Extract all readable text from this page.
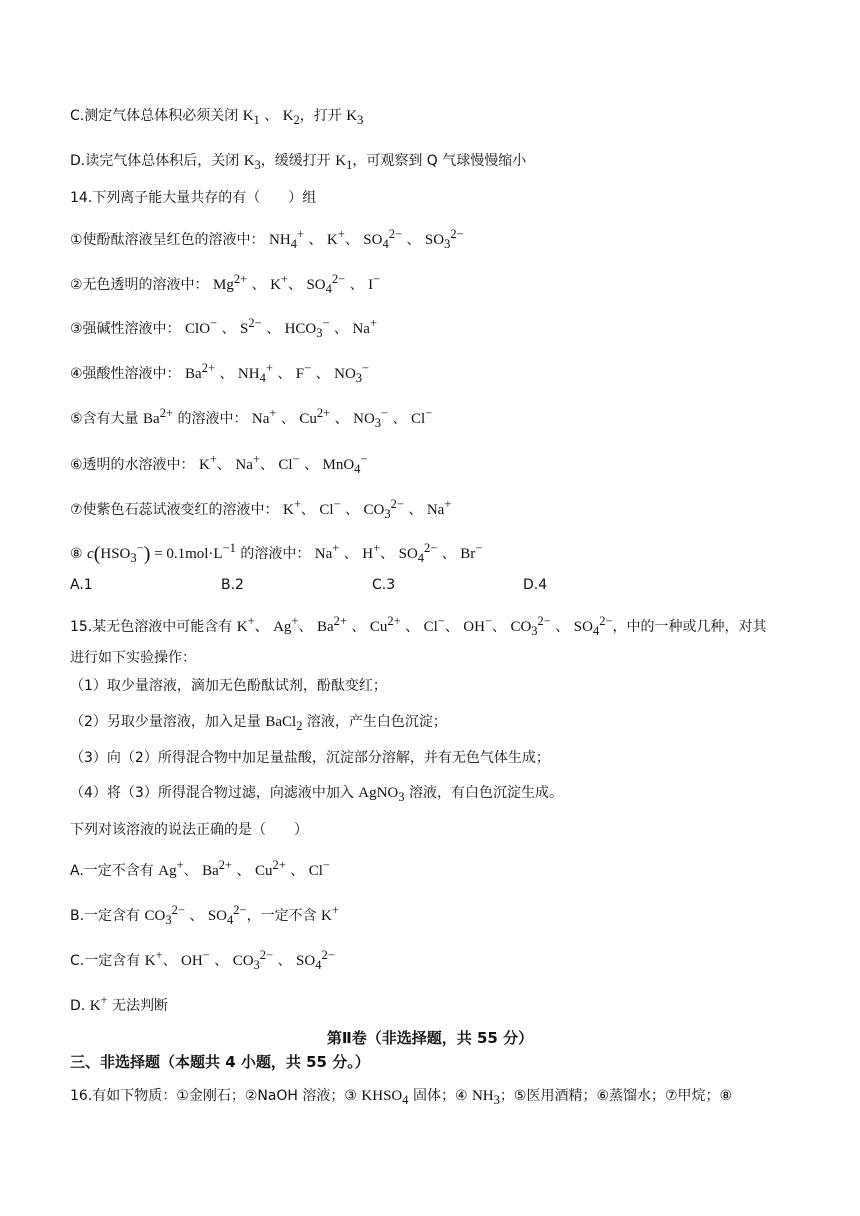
C.测定气体总体积必须关闭 $K_1$ 、 $K_2$，打开 $K_3$
D.读完气体总体积后，关闭 $K_3$，缓缓打开 $K_1$，可观察到 Q 气球慢慢缩小
14.下列离子能大量共存的有（　　）组
①使酚酞溶液呈红色的溶液中： $NH_4^+$ 、 K+、 $SO_4^{2-}$ 、 $SO_3^{2-}$
②无色透明的溶液中： $Mg^{2+}$ 、 K+、 $SO_4^{2-}$ 、 I−
③强碱性溶液中： ClO− 、 $S^{2-}$ 、 $HCO_3^-$ 、 Na+
④强酸性溶液中： $Ba^{2+}$ 、 $NH_4^+$ 、 F− 、 $NO_3^-$
⑤含有大量 $Ba^{2+}$ 的溶液中： Na+ 、 $Cu^{2+}$ 、 $NO_3^-$ 、 Cl−
⑥透明的水溶液中： K+、 Na+、 Cl− 、 MnO$_4$−
⑦使紫色石蕊试液变红的溶液中： K+、 Cl− 、 $CO_3^{2-}$ 、 Na+
⑧ $c(HSO_3^-) = 0.1mol\cdot L^{-1}$ 的溶液中： Na+ 、 H+、 $SO_4^{2-}$ 、 Br−
A.1	B.2	C.3	D.4
15.某无色溶液中可能含有 K+、 Ag+、 $Ba^{2+}$ 、 $Cu^{2+}$ 、 Cl−、 OH−、 $CO_3^{2-}$ 、 $SO_4^{2-}$，中的一种或几种，对其
进行如下实验操作：
（1）取少量溶液，滴加无色酚酞试剂，酚酞变红；
（2）另取少量溶液，加入足量 BaCl$_2$ 溶液，产生白色沉淀；
（3）向（2）所得混合物中加足量盐酸，沉淀部分溶解，并有无色气体生成；
（4）将（3）所得混合物过滤，向滤液中加入 AgNO$_3$ 溶液，有白色沉淀生成。
下列对该溶液的说法正确的是（　　）
A.一定不含有 Ag+、 $Ba^{2+}$ 、 $Cu^{2+}$ 、 Cl−
B.一定含有 $CO_3^{2-}$ 、 $SO_4^{2-}$，一定不含 K+
C.一定含有 K+、 OH− 、 $CO_3^{2-}$ 、 $SO_4^{2-}$
D. K+ 无法判断
第Ⅱ卷（非选择题，共 55 分）
三、非选择题（本题共 4 小题，共 55 分。）
16.有如下物质：①金刚石；②NaOH 溶液；③ $KHSO_4$ 固体；④ $NH_3$；⑤医用酒精；⑥蒸馏水；⑦甲烷；⑧
